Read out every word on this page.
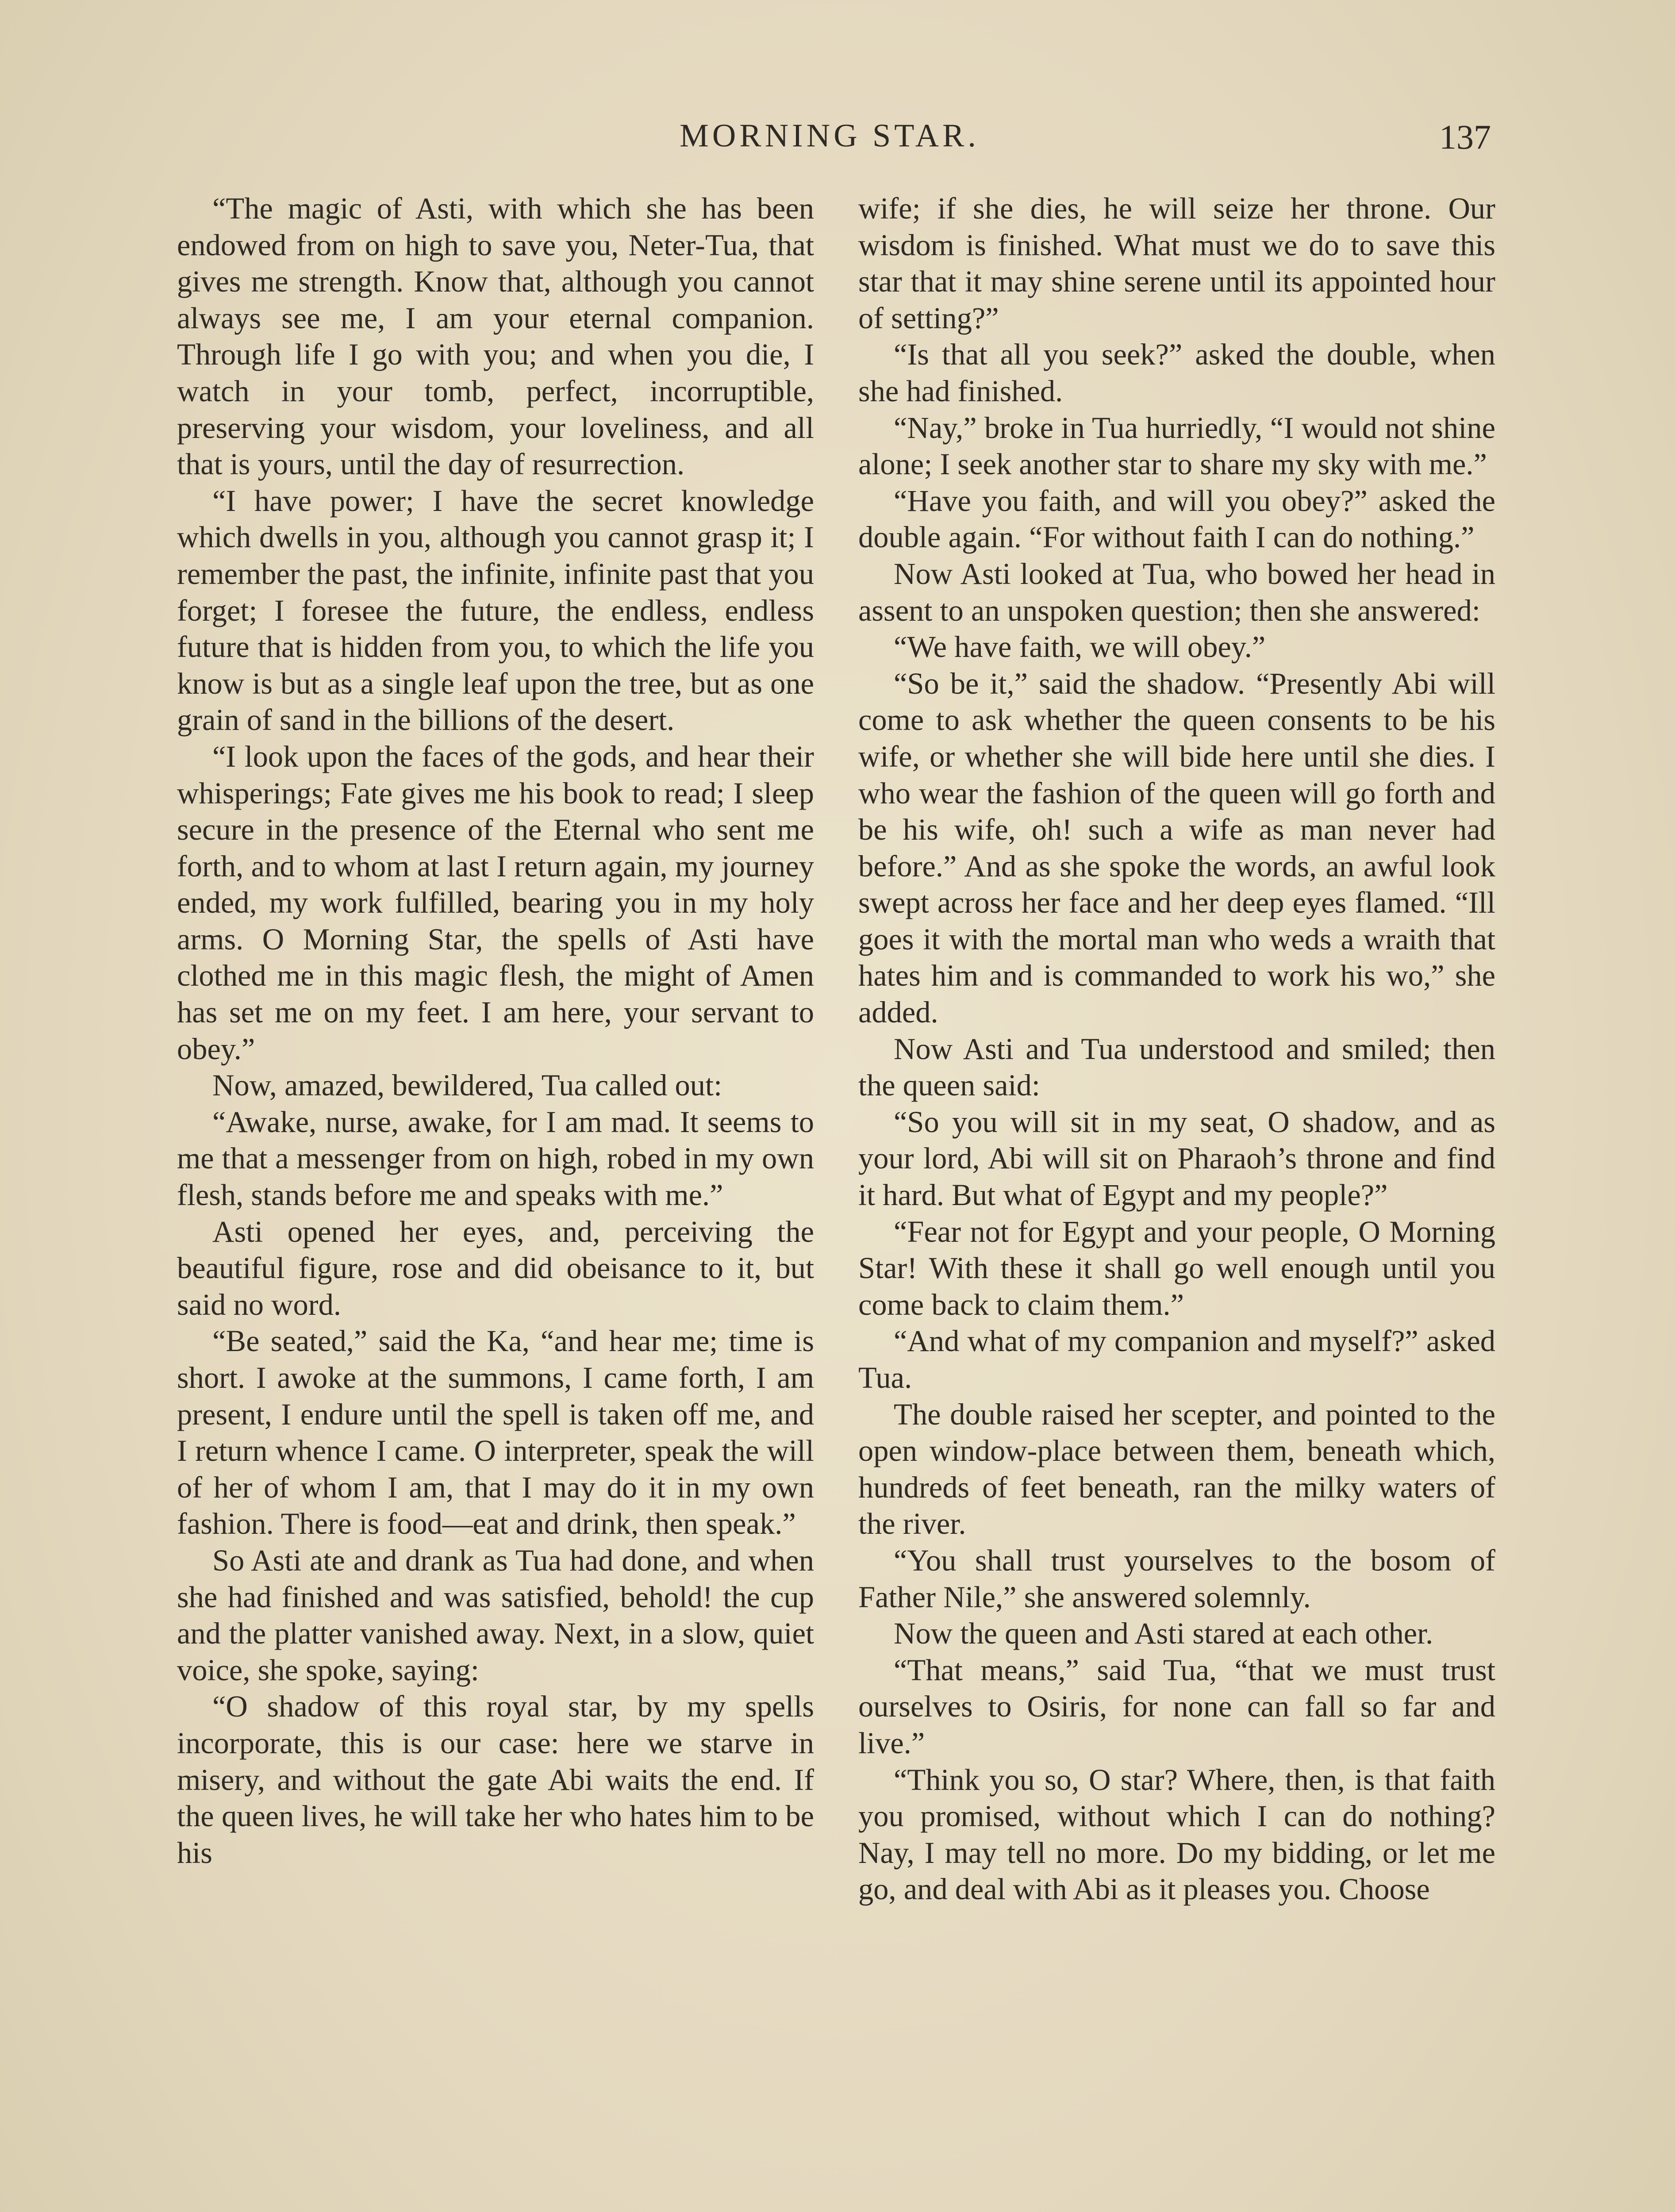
MORNING STAR.	137

“The magic of Asti, with which she has been endowed from on high to save you, Neter-Tua, that gives me strength. Know that, although you cannot always see me, I am your eternal companion. Through life I go with you; and when you die, I watch in your tomb, perfect, incorruptible, preserving your wisdom, your loveliness, and all that is yours, until the day of resurrection.

“I have power; I have the secret knowledge which dwells in you, although you cannot grasp it; I remember the past, the infinite, infinite past that you forget; I foresee the future, the endless, endless future that is hidden from you, to which the life you know is but as a single leaf upon the tree, but as one grain of sand in the billions of the desert.

“I look upon the faces of the gods, and hear their whisperings; Fate gives me his book to read; I sleep secure in the presence of the Eternal who sent me forth, and to whom at last I return again, my journey ended, my work fulfilled, bearing you in my holy arms. O Morning Star, the spells of Asti have clothed me in this magic flesh, the might of Amen has set me on my feet. I am here, your servant to obey.”

Now, amazed, bewildered, Tua called out:

“Awake, nurse, awake, for I am mad. It seems to me that a messenger from on high, robed in my own flesh, stands before me and speaks with me.”

Asti opened her eyes, and, perceiving the beautiful figure, rose and did obeisance to it, but said no word.

“Be seated,” said the Ka, “and hear me; time is short. I awoke at the summons, I came forth, I am present, I endure until the spell is taken off me, and I return whence I came. O interpreter, speak the will of her of whom I am, that I may do it in my own fashion. There is food—eat and drink, then speak.”

So Asti ate and drank as Tua had done, and when she had finished and was satisfied, behold! the cup and the platter vanished away. Next, in a slow, quiet voice, she spoke, saying:

“O shadow of this royal star, by my spells incorporate, this is our case: here we starve in misery, and without the gate Abi waits the end. If the queen lives, he will take her who hates him to be his

wife; if she dies, he will seize her throne. Our wisdom is finished. What must we do to save this star that it may shine serene until its appointed hour of setting?”

“Is that all you seek?” asked the double, when she had finished.

“Nay,” broke in Tua hurriedly, “I would not shine alone; I seek another star to share my sky with me.”

“Have you faith, and will you obey?” asked the double again. “For without faith I can do nothing.”

Now Asti looked at Tua, who bowed her head in assent to an unspoken question; then she answered:

“We have faith, we will obey.”

“So be it,” said the shadow. “Presently Abi will come to ask whether the queen consents to be his wife, or whether she will bide here until she dies. I who wear the fashion of the queen will go forth and be his wife, oh! such a wife as man never had before.” And as she spoke the words, an awful look swept across her face and her deep eyes flamed. “Ill goes it with the mortal man who weds a wraith that hates him and is commanded to work his wo,” she added.

Now Asti and Tua understood and smiled; then the queen said:

“So you will sit in my seat, O shadow, and as your lord, Abi will sit on Pharaoh’s throne and find it hard. But what of Egypt and my people?”

“Fear not for Egypt and your people, O Morning Star! With these it shall go well enough until you come back to claim them.”

“And what of my companion and myself?” asked Tua.

The double raised her scepter, and pointed to the open window-place between them, beneath which, hundreds of feet beneath, ran the milky waters of the river.

“You shall trust yourselves to the bosom of Father Nile,” she answered solemnly.

Now the queen and Asti stared at each other.

“That means,” said Tua, “that we must trust ourselves to Osiris, for none can fall so far and live.”

“Think you so, O star? Where, then, is that faith you promised, without which I can do nothing? Nay, I may tell no more. Do my bidding, or let me go, and deal with Abi as it pleases you. Choose
